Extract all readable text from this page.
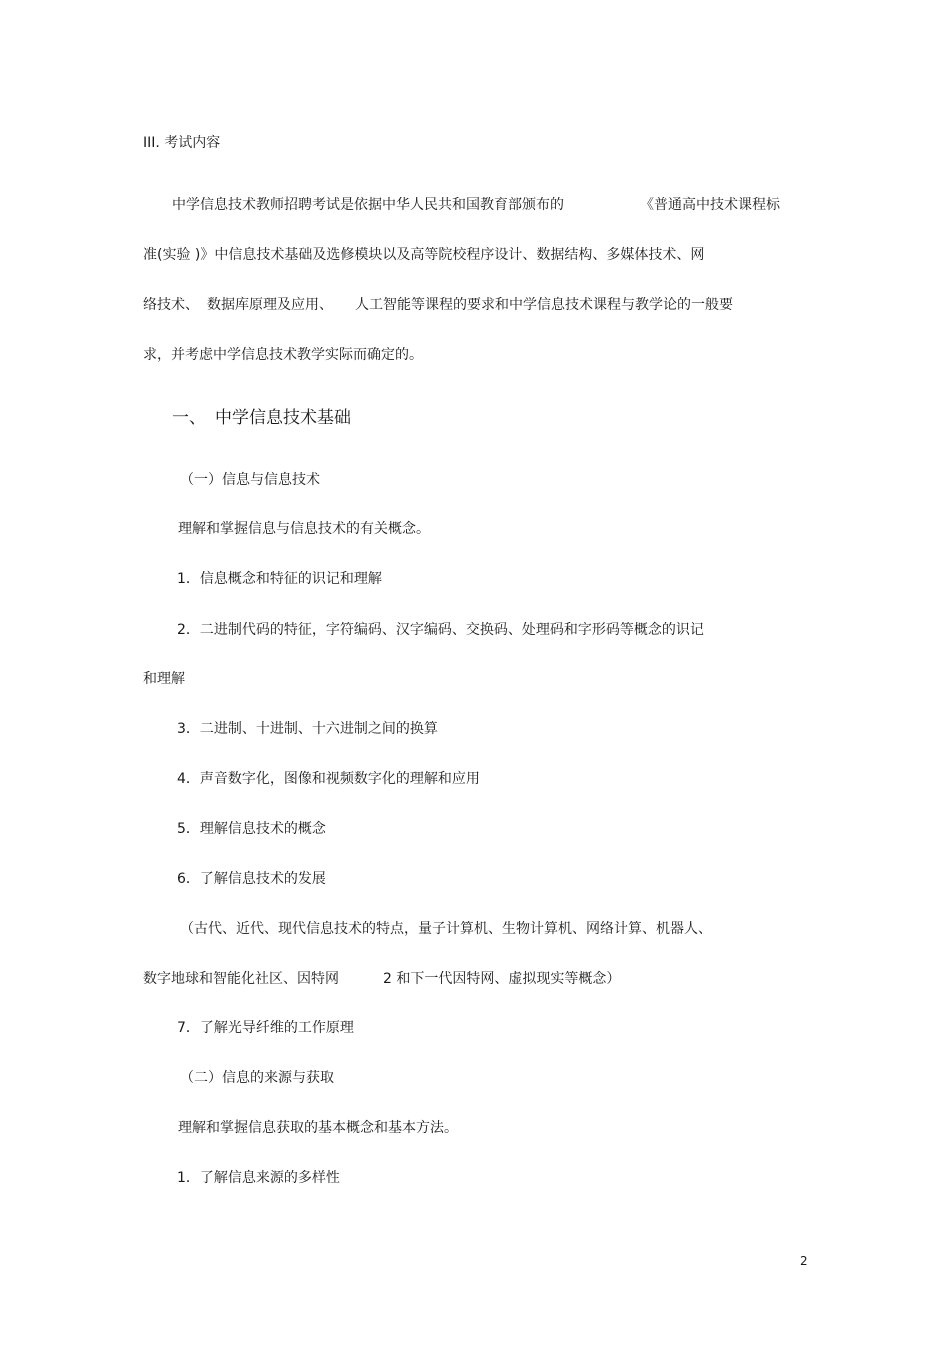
III. 考试内容
中学信息技术教师招聘考试是依据中华人民共和国教育部颁布的	《普通高中技术课程标
准(实验 )》中信息技术基础及选修模块以及高等院校程序设计、数据结构、多媒体技术、网
络技术、 数据库原理及应用、 人工智能等课程的要求和中学信息技术课程与教学论的一般要
求，并考虑中学信息技术教学实际而确定的。
一、 中学信息技术基础
（一）信息与信息技术
理解和掌握信息与信息技术的有关概念。
1．信息概念和特征的识记和理解
2．二进制代码的特征，字符编码、汉字编码、交换码、处理码和字形码等概念的识记
和理解
3．二进制、十进制、十六进制之间的换算
4．声音数字化，图像和视频数字化的理解和应用
5．理解信息技术的概念
6．了解信息技术的发展
（古代、近代、现代信息技术的特点，量子计算机、生物计算机、网络计算、机器人、
数字地球和智能化社区、因特网	2 和下一代因特网、虚拟现实等概念）
7．了解光导纤维的工作原理
（二）信息的来源与获取
理解和掌握信息获取的基本概念和基本方法。
1．了解信息来源的多样性
2
